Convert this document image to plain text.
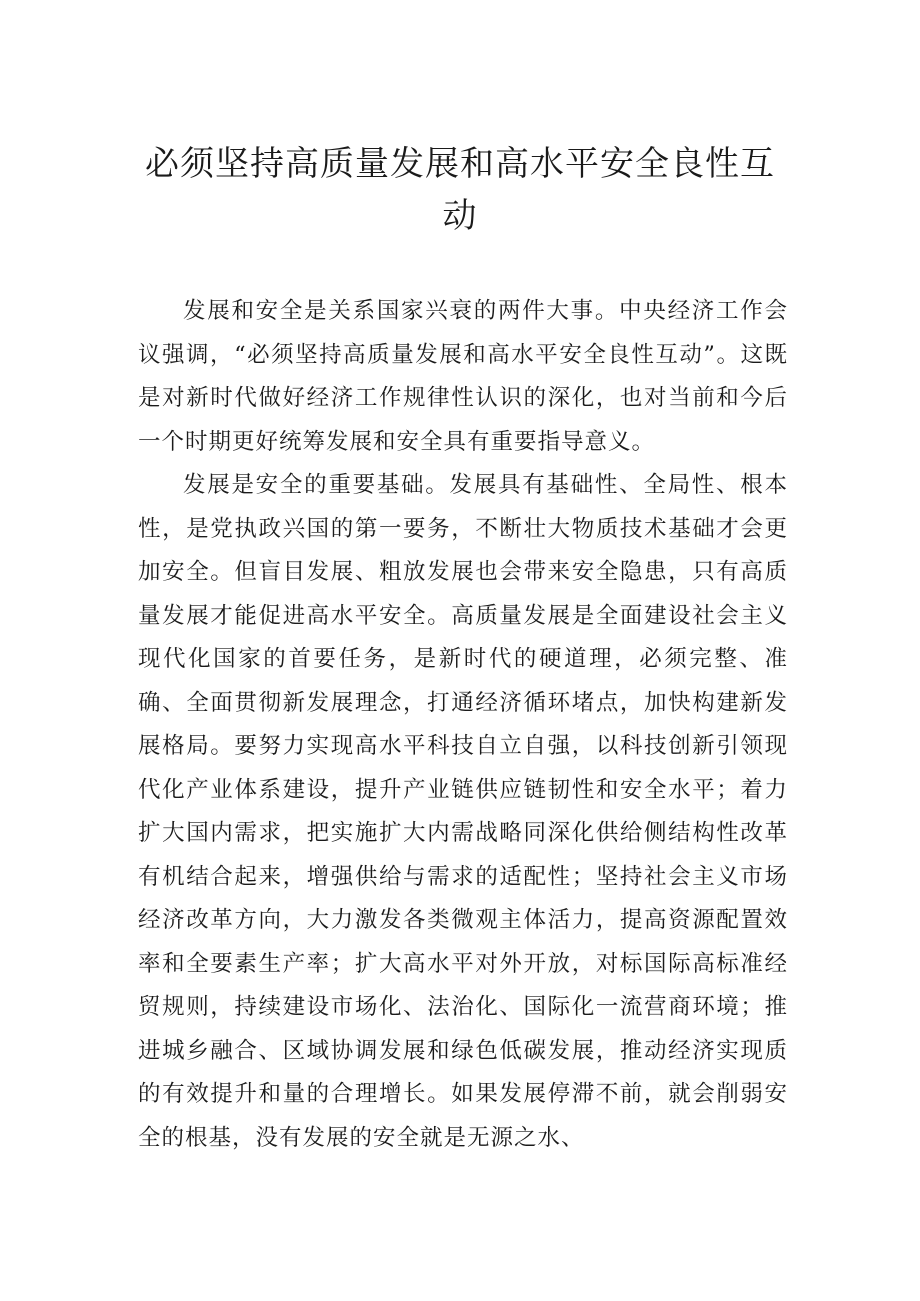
必须坚持高质量发展和高水平安全良性互动

发展和安全是关系国家兴衰的两件大事。中央经济工作会议强调，“必须坚持高质量发展和高水平安全良性互动”。这既是对新时代做好经济工作规律性认识的深化，也对当前和今后一个时期更好统筹发展和安全具有重要指导意义。

发展是安全的重要基础。发展具有基础性、全局性、根本性，是党执政兴国的第一要务，不断壮大物质技术基础才会更加安全。但盲目发展、粗放发展也会带来安全隐患，只有高质量发展才能促进高水平安全。高质量发展是全面建设社会主义现代化国家的首要任务，是新时代的硬道理，必须完整、准确、全面贯彻新发展理念，打通经济循环堵点，加快构建新发展格局。要努力实现高水平科技自立自强，以科技创新引领现代化产业体系建设，提升产业链供应链韧性和安全水平；着力扩大国内需求，把实施扩大内需战略同深化供给侧结构性改革有机结合起来，增强供给与需求的适配性；坚持社会主义市场经济改革方向，大力激发各类微观主体活力，提高资源配置效率和全要素生产率；扩大高水平对外开放，对标国际高标准经贸规则，持续建设市场化、法治化、国际化一流营商环境；推进城乡融合、区域协调发展和绿色低碳发展，推动经济实现质的有效提升和量的合理增长。如果发展停滞不前，就会削弱安全的根基，没有发展的安全就是无源之水、
